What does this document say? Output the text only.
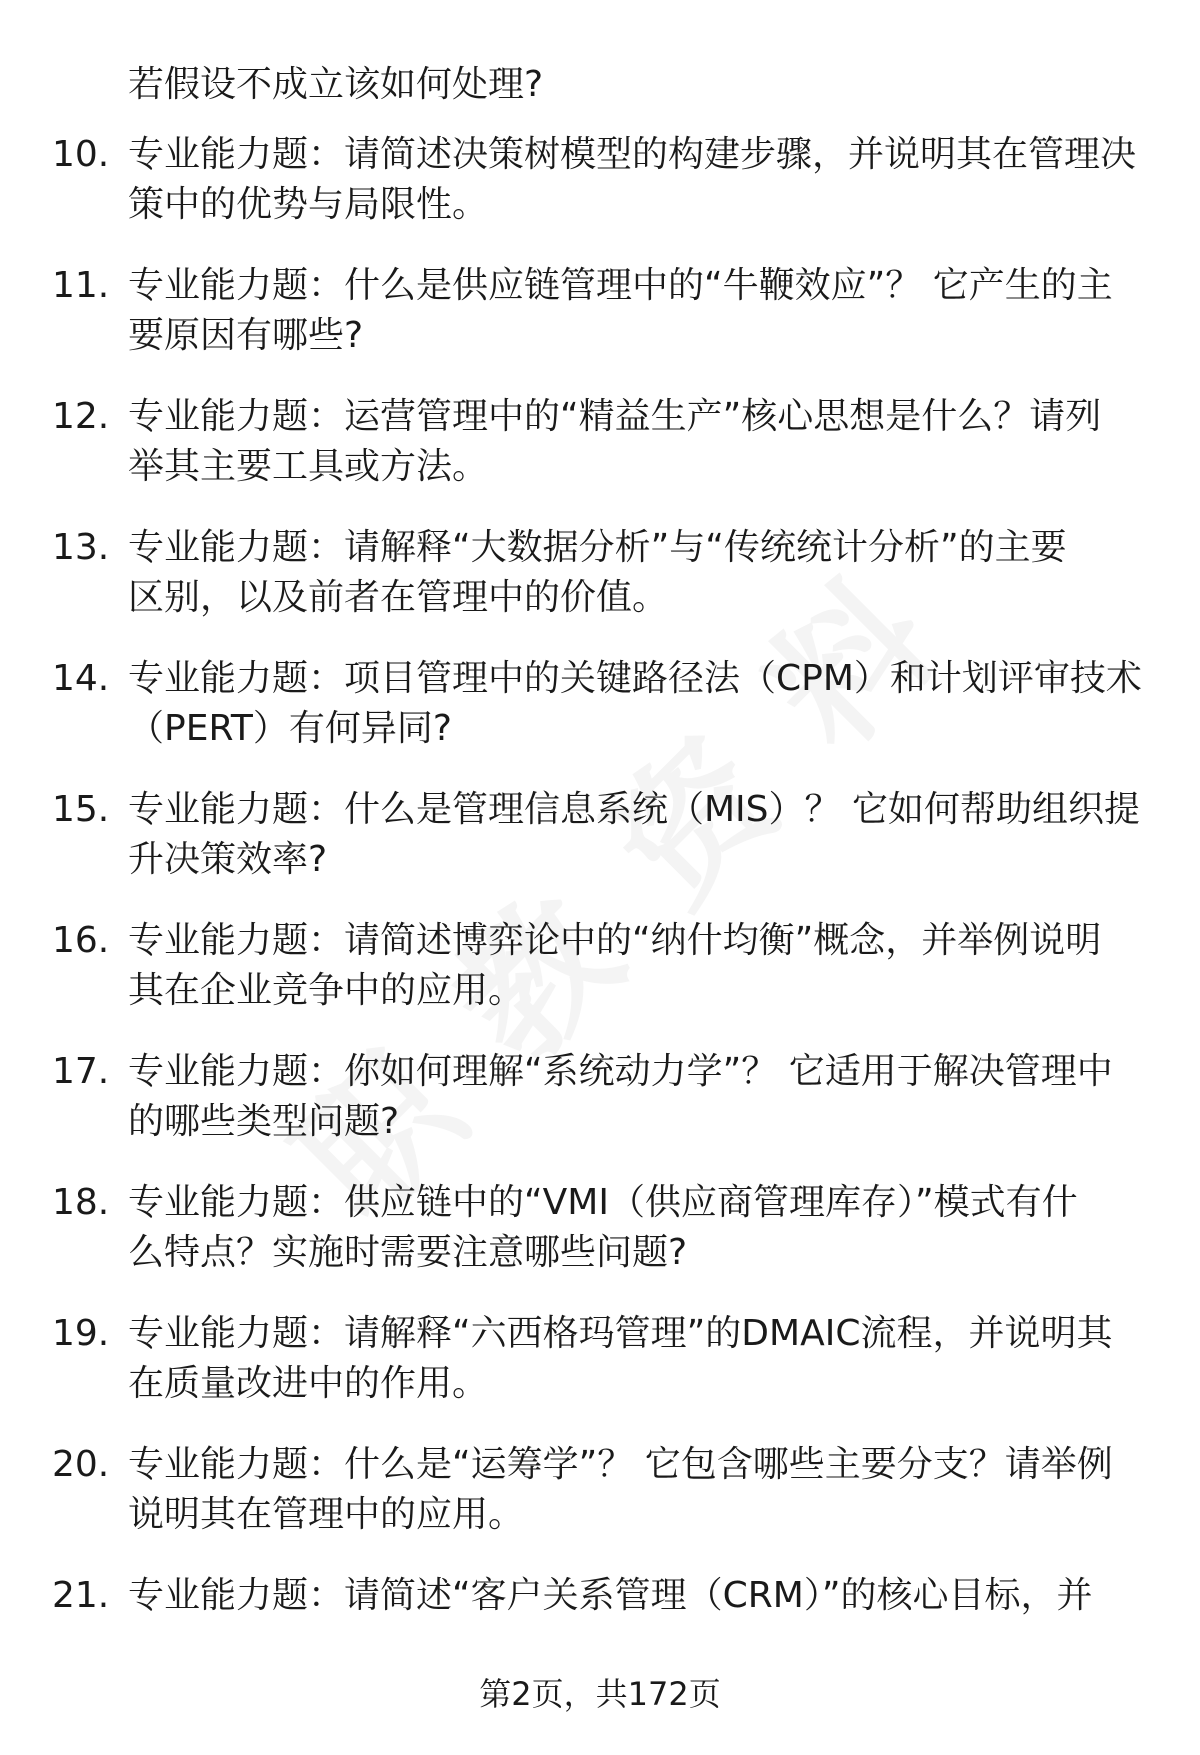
若假设不成立该如何处理?
10. 专业能力题：请简述决策树模型的构建步骤，并说明其在管理决
策中的优势与局限性。
11. 专业能力题：什么是供应链管理中的“牛鞭效应”？ 它产生的主
要原因有哪些?
12. 专业能力题：运营管理中的“精益生产”核心思想是什么？请列
举其主要工具或方法。
13. 专业能力题：请解释“大数据分析”与“传统统计分析”的主要
区别，以及前者在管理中的价值。
14. 专业能力题：项目管理中的关键路径法（CPM）和计划评审技术
（PERT）有何异同?
15. 专业能力题：什么是管理信息系统（MIS）？ 它如何帮助组织提
升决策效率?
16. 专业能力题：请简述博弈论中的“纳什均衡”概念，并举例说明
其在企业竞争中的应用。
17. 专业能力题：你如何理解“系统动力学”？ 它适用于解决管理中
的哪些类型问题?
18. 专业能力题：供应链中的“VMI（供应商管理库存）”模式有什
么特点？实施时需要注意哪些问题?
19. 专业能力题：请解释“六西格玛管理”的DMAIC流程，并说明其
在质量改进中的作用。
20. 专业能力题：什么是“运筹学”？ 它包含哪些主要分支？请举例
说明其在管理中的应用。
21. 专业能力题：请简述“客户关系管理（CRM）”的核心目标，并
第2页，共172页
